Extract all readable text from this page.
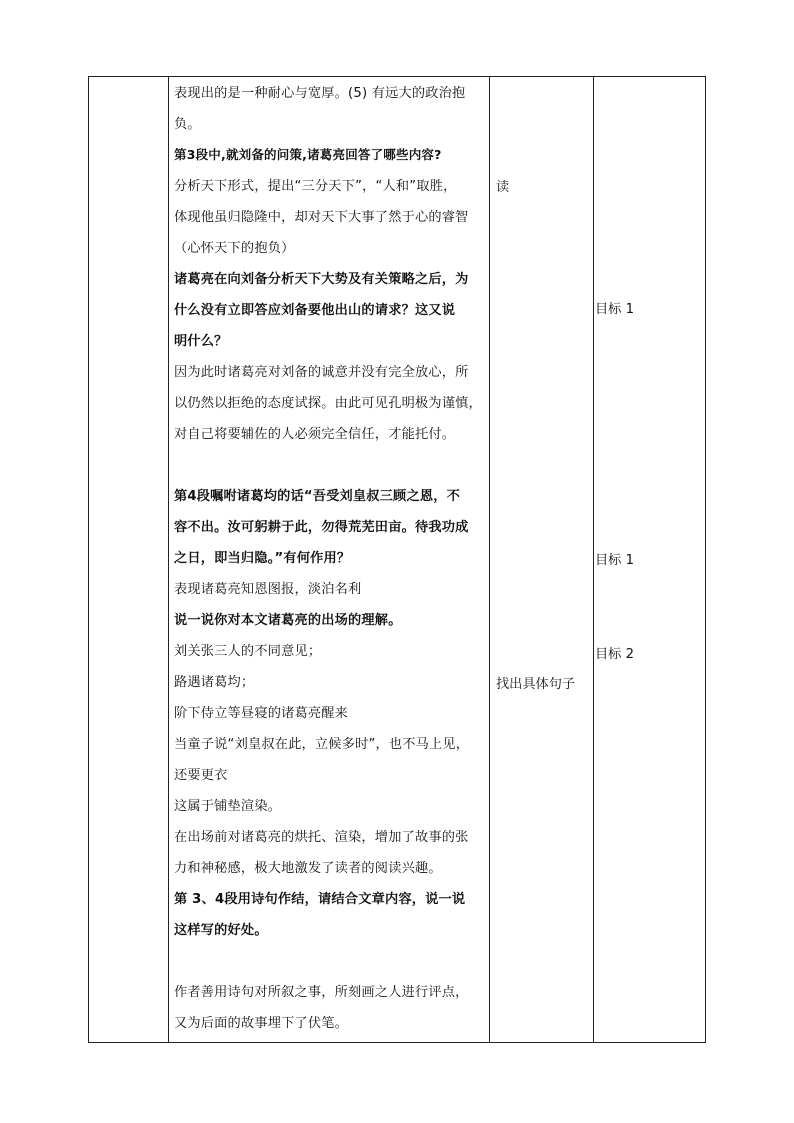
表现出的是一种耐心与宽厚。(5) 有远大的政治抱
负。
第3段中,就刘备的问策,诸葛亮回答了哪些内容?
分析天下形式，提出“三分天下”，“人和”取胜，
体现他虽归隐隆中，却对天下大事了然于心的睿智
（心怀天下的抱负）
诸葛亮在向刘备分析天下大势及有关策略之后，为
什么没有立即答应刘备要他出山的请求？这又说
明什么？
因为此时诸葛亮对刘备的诚意并没有完全放心，所
以仍然以拒绝的态度试探。由此可见孔明极为谨慎，
对自己将要辅佐的人必须完全信任，才能托付。
第4段嘱咐诸葛均的话“吾受刘皇叔三顾之恩，不
容不出。汝可躬耕于此，勿得荒芜田亩。待我功成
之日，即当归隐。”有何作用？
表现诸葛亮知恩图报，淡泊名利
说一说你对本文诸葛亮的出场的理解。
刘关张三人的不同意见；
路遇诸葛均；
阶下侍立等昼寝的诸葛亮醒来
当童子说“刘皇叔在此，立候多时”，也不马上见，
还要更衣
这属于铺垫渲染。
在出场前对诸葛亮的烘托、渲染，增加了故事的张
力和神秘感，极大地激发了读者的阅读兴趣。
第 3、4段用诗句作结，请结合文章内容，说一说
这样写的好处。
作者善用诗句对所叙之事，所刻画之人进行评点，
又为后面的故事埋下了伏笔。
读
找出具体句子
目标 1
目标 1
目标 2
